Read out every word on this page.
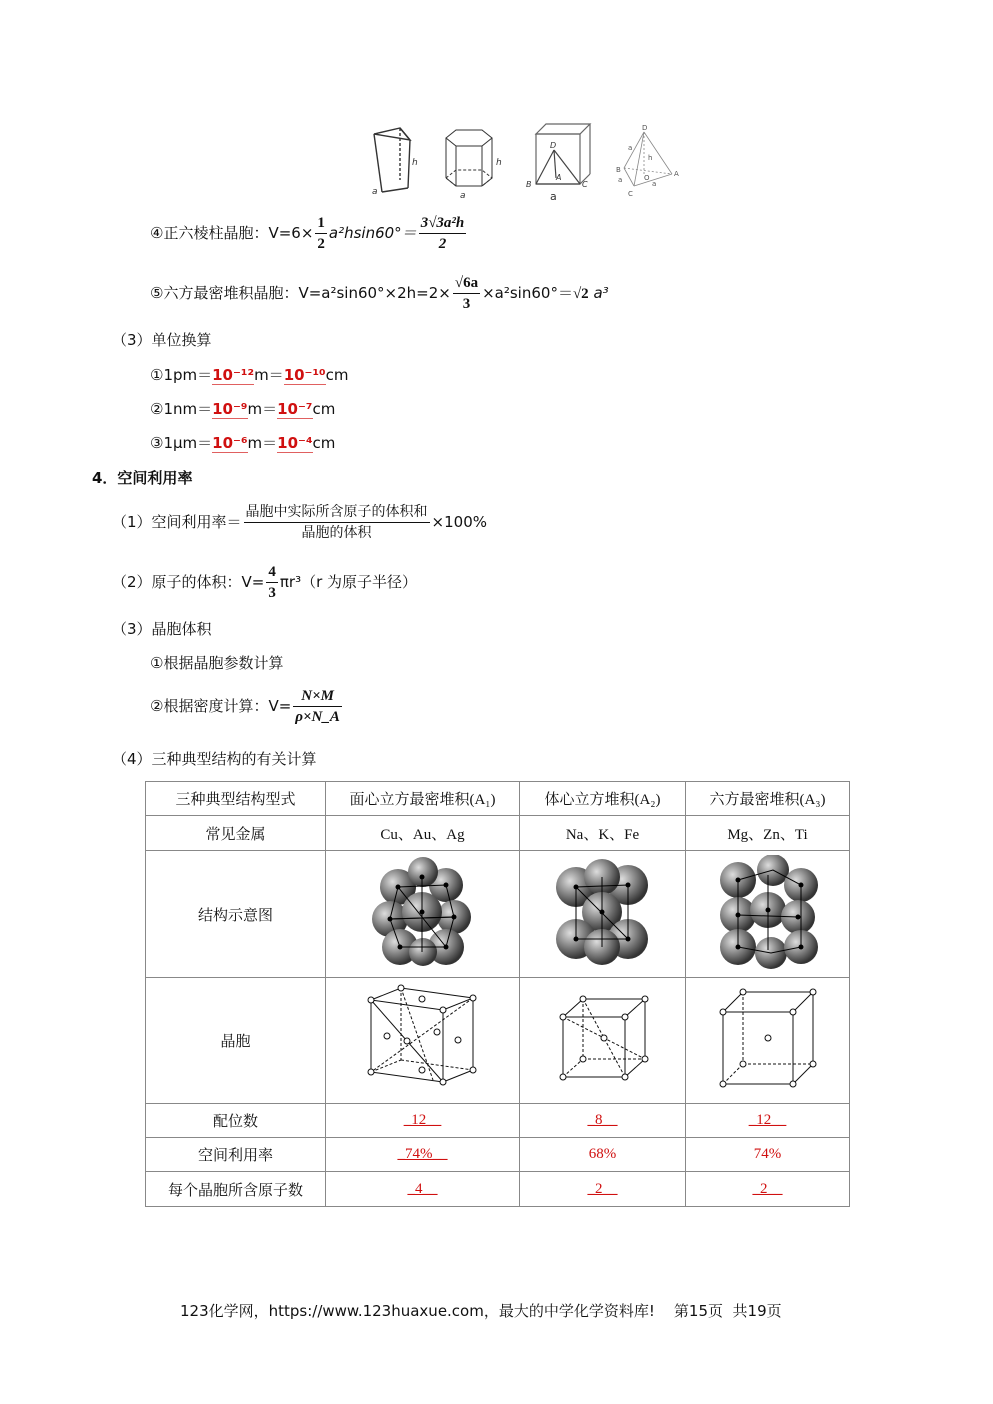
h
a
h
a
D
B
A
C
a
D
a
h
B
a	O	A
a
C
④正六棱柱晶胞：$V=6\times \frac{1}{2} a^2hsin60^\circ= \frac{\text{3√3a²h}}{2}$
⑤六方最密堆积晶胞：$V=a^2\sin 60^\circ\times 2h=2\times \frac{√6a}{3} \times a^2\sin 60^\circ=√2$ a³
（3）单位换算
①1pm＝10⁻¹²m＝10⁻¹⁰cm
②1nm＝10⁻⁹m＝10⁻⁷cm
③1μm＝10⁻⁶m＝10⁻⁴cm
4．空间利用率
（1）空间利用率＝ $\frac{\text{晶胞中实际所含原子的体积和}}{\text{晶胞的体积}} \times 100\%$
（2）原子的体积：$V= \frac{4}{3} \pi r^3(r$ 为原子半径）
（3）晶胞体积
①根据晶胞参数计算
②根据密度计算：$V= \frac{N\times M}{\rho\times N\_A}$
（4）三种典型结构的有关计算
三种典型结构型式	面心立方最密堆积(A₁)	体心立方堆积(A₂)	六方最密堆积(A₃)
常见金属	Cu、Au、Ag	Na、K、Fe	Mg、Zn、Ti
结构示意图			
晶胞			
配位数	_12__	_8__	_12__
空间利用率	_74%__	68%	74%
每个晶胞所含原子数	_4__	_2__	_2__
123化学网，https://www.123huaxue.com，最大的中学化学资料库!    第15页  共19页
